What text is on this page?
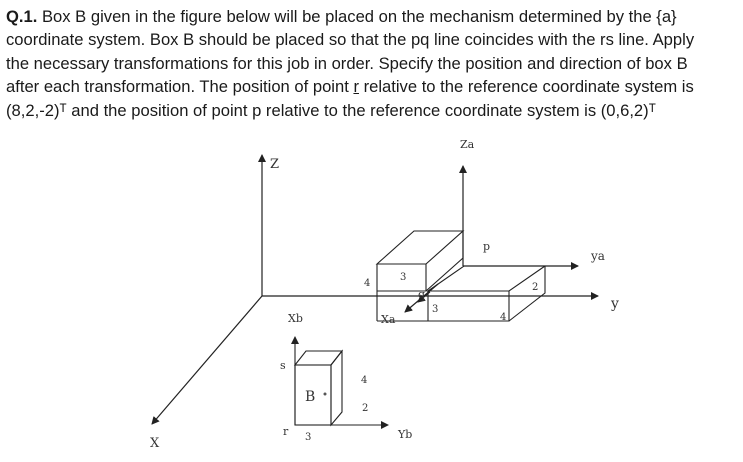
Q.1. Box B given in the figure below will be placed on the mechanism determined by the {a}
coordinate system. Box B should be placed so that the pq line coincides with the rs line. Apply
the necessary transformations for this job in order. Specify the position and direction of box B
after each transformation. The position of point r relative to the reference coordinate system is
(8,2,-2)ᵀ and the position of point p relative to the reference coordinate system is (0,6,2)ᵀ
Z
y
X
Za
ya
Xa
Xb
Yb
B
s
r
p
q
3
4
3
2
4
4
2
3
